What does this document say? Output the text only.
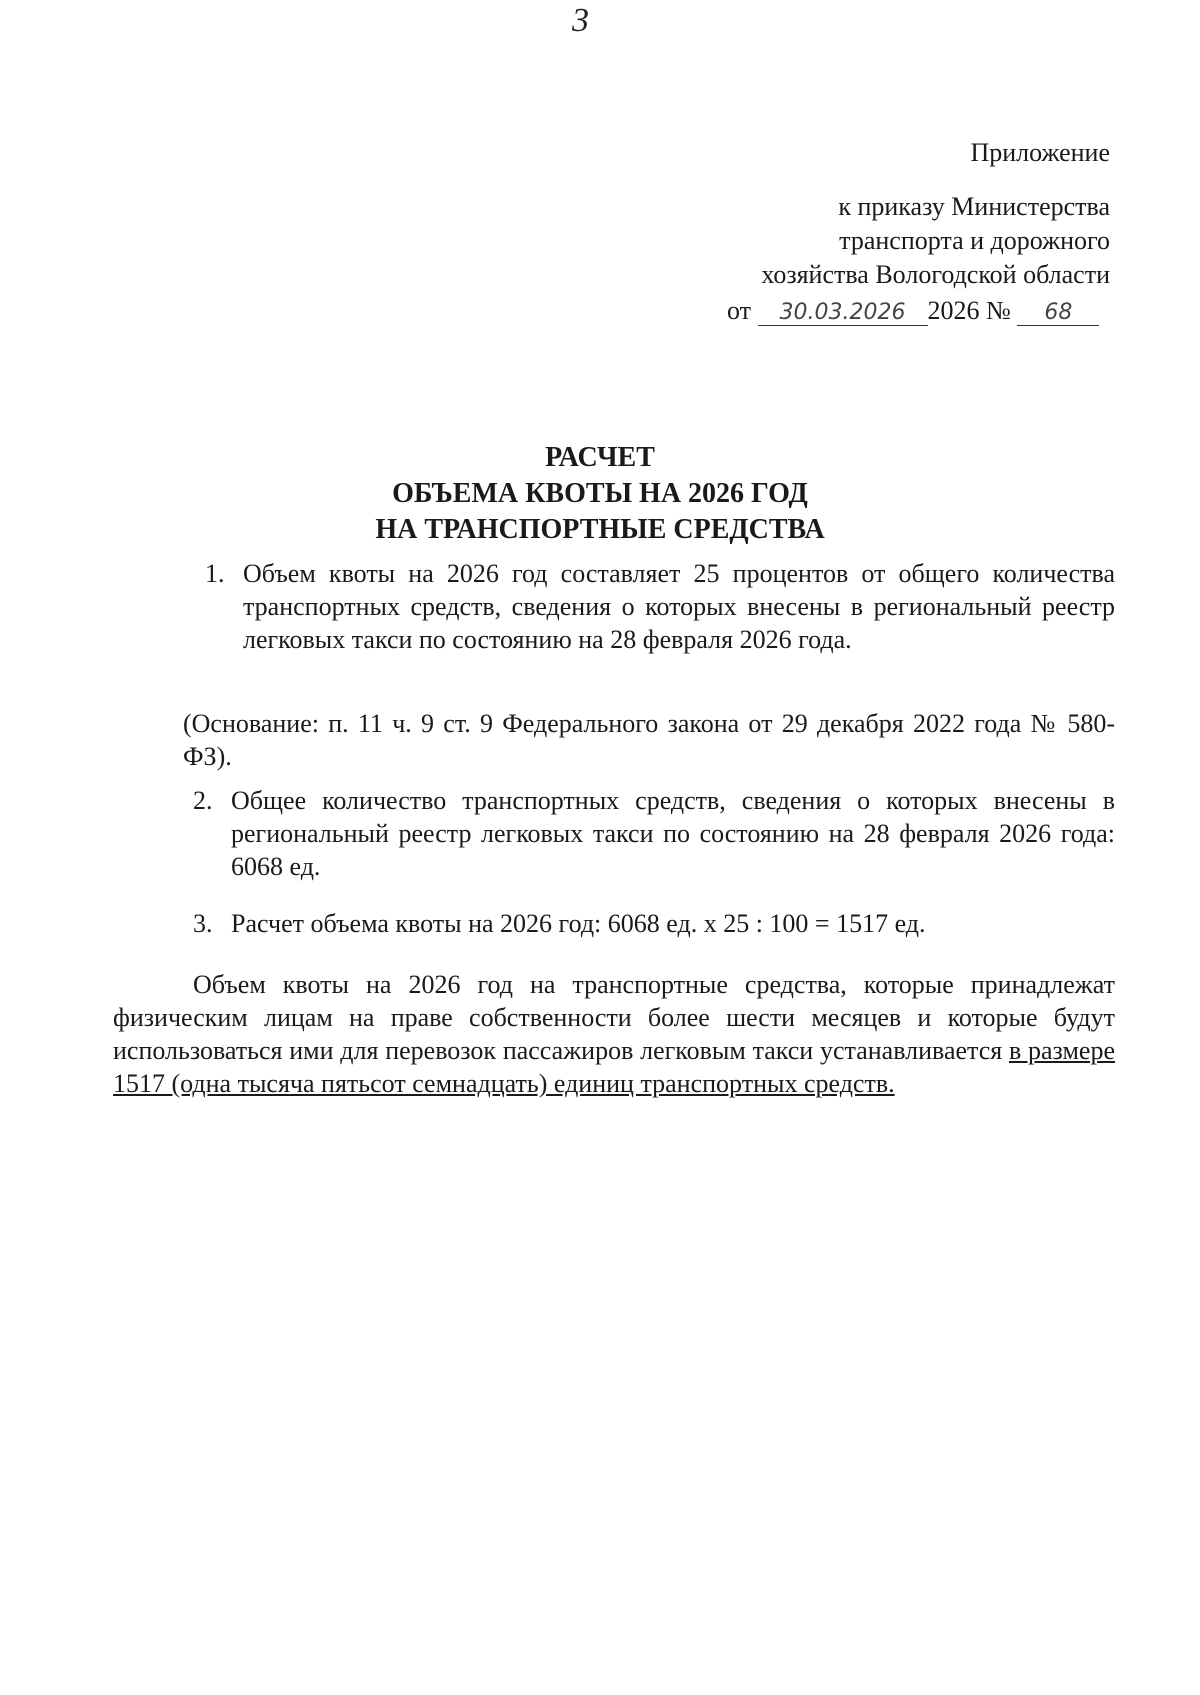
3
Приложение
к приказу Министерства
транспорта и дорожного
хозяйства Вологодской области
от 30.03.2026 2026 № 68
РАСЧЕТ
ОБЪЕМА КВОТЫ НА 2026 ГОД
НА ТРАНСПОРТНЫЕ СРЕДСТВА
1. Объем квоты на 2026 год составляет 25 процентов от общего количества транспортных средств, сведения о которых внесены в региональный реестр легковых такси по состоянию на 28 февраля 2026 года.
(Основание: п. 11 ч. 9 ст. 9 Федерального закона от 29 декабря 2022 года № 580-ФЗ).
2. Общее количество транспортных средств, сведения о которых внесены в региональный реестр легковых такси по состоянию на 28 февраля 2026 года: 6068 ед.
3. Расчет объема квоты на 2026 год: 6068 ед. х 25 : 100 = 1517 ед.
Объем квоты на 2026 год на транспортные средства, которые принадлежат физическим лицам на праве собственности более шести месяцев и которые будут использоваться ими для перевозок пассажиров легковым такси устанавливается в размере 1517 (одна тысяча пятьсот семнадцать) единиц транспортных средств.
